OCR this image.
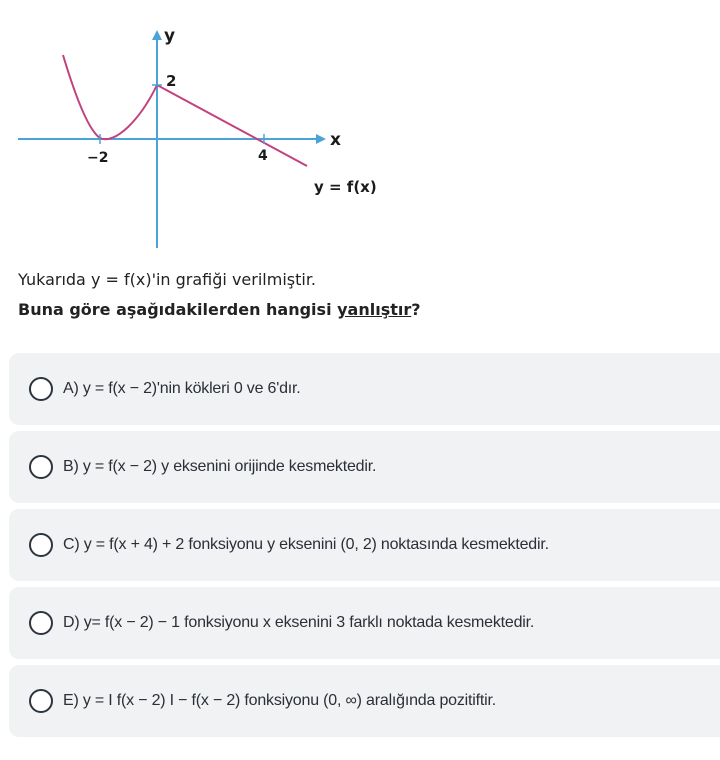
y
x
−2	4
2
y = f(x)
Yukarıda y = f(x)'in grafiği verilmiştir.
Buna göre aşağıdakilerden hangisi yanlıştır?
A) y = f(x − 2)'nin kökleri 0 ve 6'dır.
B) y = f(x − 2) y eksenini orijinde kesmektedir.
C) y = f(x + 4) + 2 fonksiyonu y eksenini (0, 2) noktasında kesmektedir.
D) y= f(x − 2) − 1 fonksiyonu x eksenini 3 farklı noktada kesmektedir.
E) y = I f(x − 2) I − f(x − 2) fonksiyonu (0, ∞) aralığında pozitiftir.
